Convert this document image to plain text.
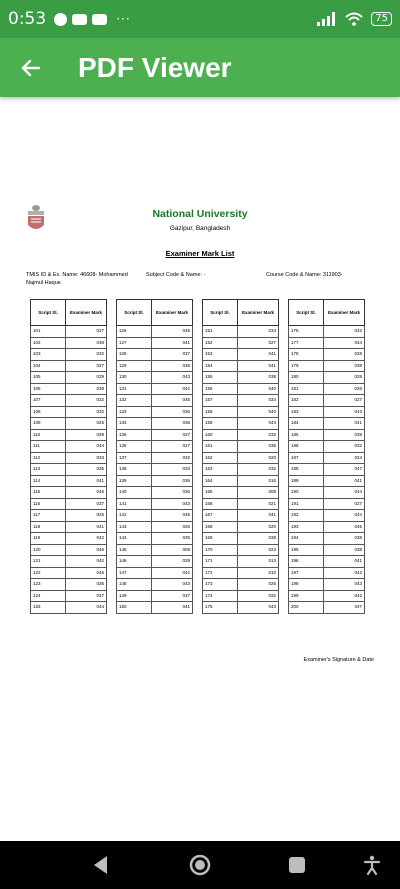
0:53	···	75
PDF Viewer
National University
Gazipur, Bangladesh
Examiner Mark List
TMIS ID & Ex. Name: 46608- Mohammed Najmul Haque
Subject Code & Name: -	Course Code & Name: 311903-
Script Sl.	Examiner Mark
101	037
102	038
103	032
104	027
105	029
106	039
107	032
108	032
109	025
110	039
111	044
112	033
113	035
114	041
115	045
116	037
117	025
118	041
119	042
120	046
121	042
122	045
123	036
124	037
125	044
Script Sl.	Examiner Mark
126	045
127	041
128	037
129	035
130	043
131	042
132	045
133	036
134	036
135	027
136	027
137	032
138	033
139	036
140	036
141	043
142	045
143	026
144	035
145	008
146	028
147	042
148	043
149	037
150	041
Script Sl.	Examiner Mark
151	034
152	027
153	041
154	041
155	038
156	040
157	034
158	040
159	044
160	032
161	036
162	020
163	032
164	016
165	008
166	021
167	041
168	020
169	038
170	023
171	013
172	010
173	026
174	032
175	043
Script Sl.	Examiner Mark
176	042
177	044
178	028
179	039
180	028
181	026
182	027
183	043
184	041
185	039
186	032
187	024
188	047
189	041
190	044
191	027
192	044
193	045
194	038
195	038
196	041
197	042
198	043
199	042
200	047
Examiner's Signature & Date
